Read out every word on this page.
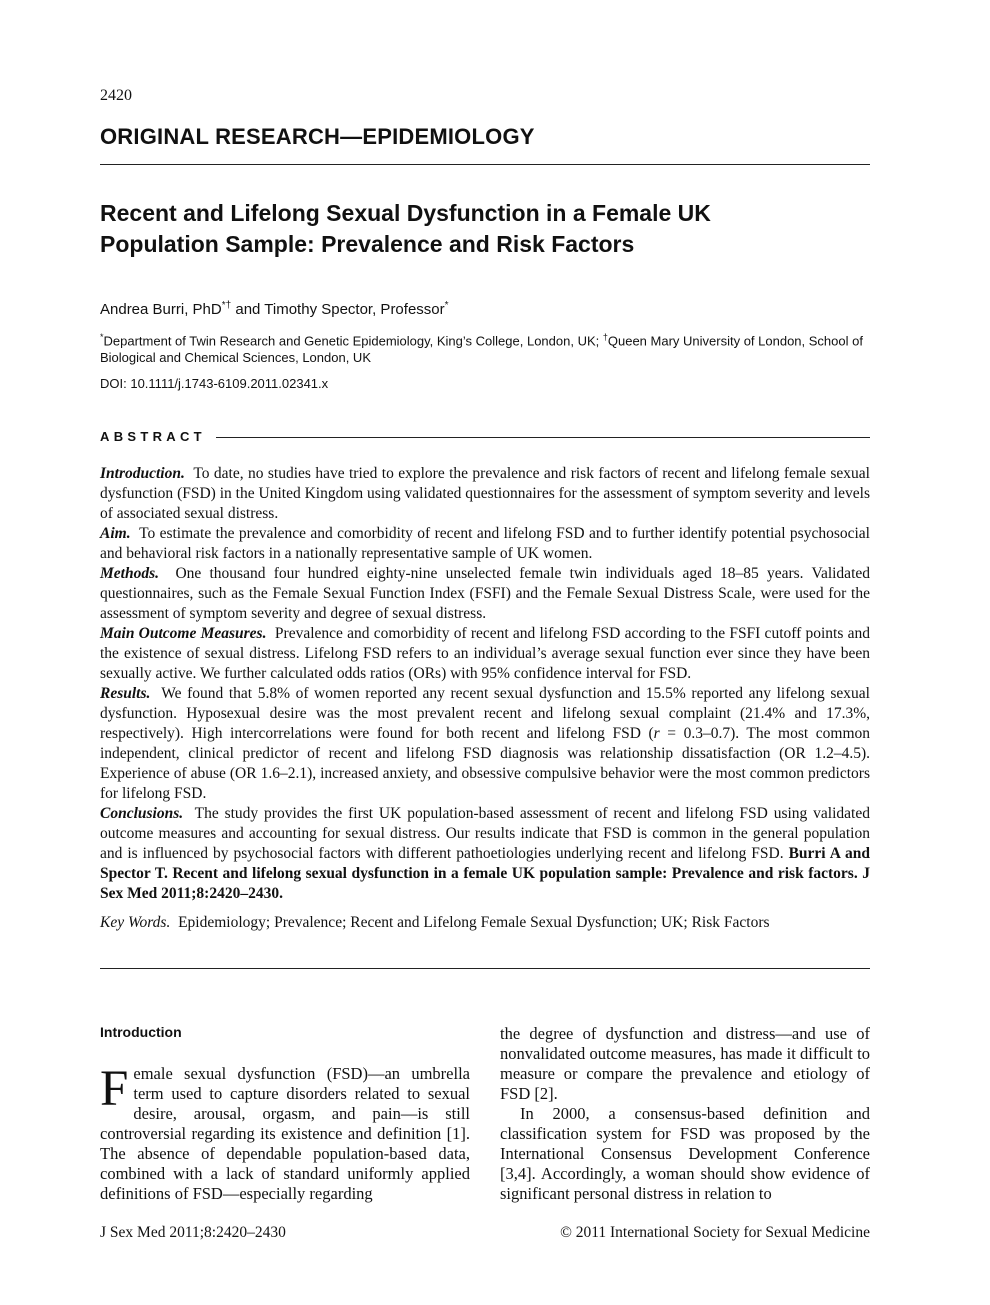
2420
ORIGINAL RESEARCH—EPIDEMIOLOGY
Recent and Lifelong Sexual Dysfunction in a Female UK
Population Sample: Prevalence and Risk Factors
Andrea Burri, PhD*† and Timothy Spector, Professor*
*Department of Twin Research and Genetic Epidemiology, King’s College, London, UK; †Queen Mary University of London, School of Biological and Chemical Sciences, London, UK
DOI: 10.1111/j.1743-6109.2011.02341.x
ABSTRACT

Introduction. To date, no studies have tried to explore the prevalence and risk factors of recent and lifelong female sexual dysfunction (FSD) in the United Kingdom using validated questionnaires for the assessment of symptom severity and levels of associated sexual distress.

Aim. To estimate the prevalence and comorbidity of recent and lifelong FSD and to further identify potential psychosocial and behavioral risk factors in a nationally representative sample of UK women.

Methods. One thousand four hundred eighty-nine unselected female twin individuals aged 18–85 years. Validated questionnaires, such as the Female Sexual Function Index (FSFI) and the Female Sexual Distress Scale, were used for the assessment of symptom severity and degree of sexual distress.

Main Outcome Measures. Prevalence and comorbidity of recent and lifelong FSD according to the FSFI cutoff points and the existence of sexual distress. Lifelong FSD refers to an individual’s average sexual function ever since they have been sexually active. We further calculated odds ratios (ORs) with 95% confidence interval for FSD.

Results. We found that 5.8% of women reported any recent sexual dysfunction and 15.5% reported any lifelong sexual dysfunction. Hyposexual desire was the most prevalent recent and lifelong sexual complaint (21.4% and 17.3%, respectively). High intercorrelations were found for both recent and lifelong FSD (r = 0.3–0.7). The most common independent, clinical predictor of recent and lifelong FSD diagnosis was relationship dissatisfaction (OR 1.2–4.5). Experience of abuse (OR 1.6–2.1), increased anxiety, and obsessive compulsive behavior were the most common predictors for lifelong FSD.

Conclusions. The study provides the first UK population-based assessment of recent and lifelong FSD using validated outcome measures and accounting for sexual distress. Our results indicate that FSD is common in the general population and is influenced by psychosocial factors with different pathoetiologies underlying recent and lifelong FSD. Burri A and Spector T. Recent and lifelong sexual dysfunction in a female UK population sample: Prevalence and risk factors. J Sex Med 2011;8:2420–2430.

Key Words. Epidemiology; Prevalence; Recent and Lifelong Female Sexual Dysfunction; UK; Risk Factors
Introduction

Female sexual dysfunction (FSD)—an umbrella term used to capture disorders related to sexual desire, arousal, orgasm, and pain—is still controversial regarding its existence and definition [1]. The absence of dependable population-based data, combined with a lack of standard uniformly applied definitions of FSD—especially regarding

the degree of dysfunction and distress—and use of nonvalidated outcome measures, has made it difficult to measure or compare the prevalence and etiology of FSD [2].

In 2000, a consensus-based definition and classification system for FSD was proposed by the International Consensus Development Conference [3,4]. Accordingly, a woman should show evidence of significant personal distress in relation to

J Sex Med 2011;8:2420–2430	© 2011 International Society for Sexual Medicine
